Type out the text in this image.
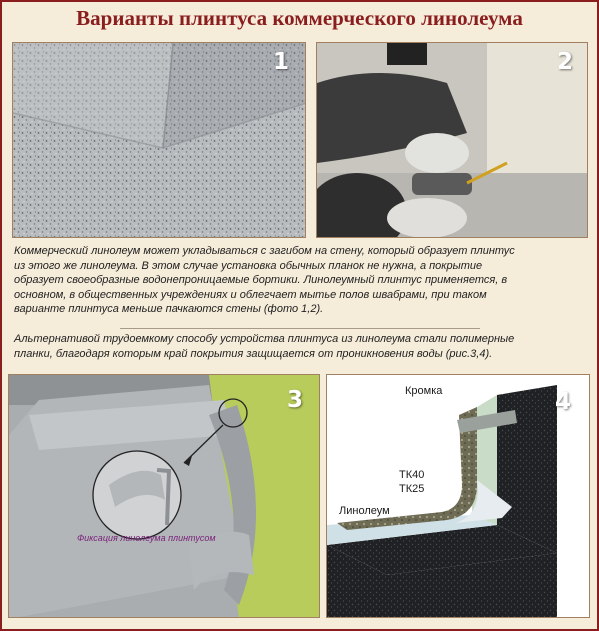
Варианты плинтуса коммерческого линолеума
1	2
Коммерческий линолеум может укладываться с загибом на стену, который образует плинтус
из этого же линолеума. В этом случае установка обычных планок не нужна, а покрытие
образует своеобразные водонепроницаемые бортики. Линолеумный плинтус применяется, в
основном, в общественных учреждениях и облегчает мытье полов швабрами, при таком
варианте плинтуса меньше пачкаются стены (фото 1,2).
Альтернативой трудоемкому способу устройства плинтуса из линолеума стали полимерные
планки, благодаря которым край покрытия защищается от проникновения воды (рис.3,4).
3
Фиксация линолеума плинтусом
4
Кромка
ТК40
ТК25
Линолеум
